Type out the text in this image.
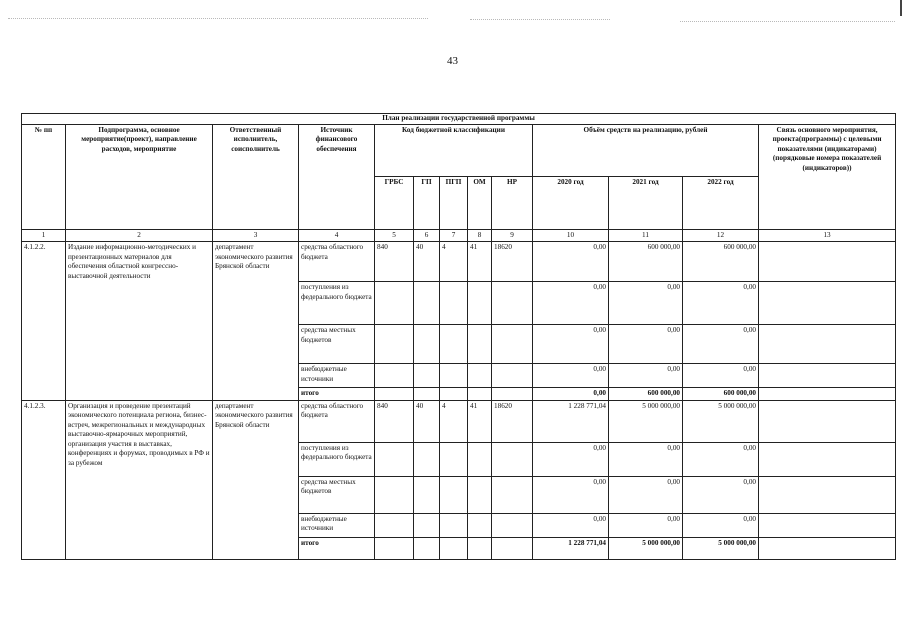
43
План реализации государственной программы												
№ пп	Подпрограмма, основное мероприятие(проект), направление расходов, мероприятие	Ответственный исполнитель, соисполнитель	Источник финансового обеспечения	Код бюджетной классификации					Объём средств на реализацию, рублей			Связь основного мероприятия, проекта(программы) с целевыми показателями (индикаторами) (порядковые номера показателей (индикаторов))
				ГРБС	ГП	ПГП	ОМ	НР	2020 год	2021 год	2022 год	
1	2	3	4	5	6	7	8	9	10	11	12	13
4.1.2.2.	Издание информационно-методических и презентационных материалов для обеспечения областной конгрессно-выставочной деятельности	департамент экономического развития Брянской области	средства областного бюджета	840	40	4	41	18620	0,00	600 000,00	600 000,00	
			поступления из федерального бюджета						0,00	0,00	0,00	
			средства местных бюджетов						0,00	0,00	0,00	
			внебюджетные источники						0,00	0,00	0,00	
			итого						0,00	600 000,00	600 000,00	
4.1.2.3.	Организация и проведение презентаций экономического потенциала региона, бизнес-встреч, межрегиональных и международных выставочно-ярмарочных мероприятий, организация участия в выставках, конференциях и форумах, проводимых в РФ и за рубежом	департамент экономического развития Брянской области	средства областного бюджета	840	40	4	41	18620	1 228 771,04	5 000 000,00	5 000 000,00	
			поступления из федерального бюджета						0,00	0,00	0,00	
			средства местных бюджетов						0,00	0,00	0,00	
			внебюджетные источники						0,00	0,00	0,00	
			итого						1 228 771,04	5 000 000,00	5 000 000,00	
